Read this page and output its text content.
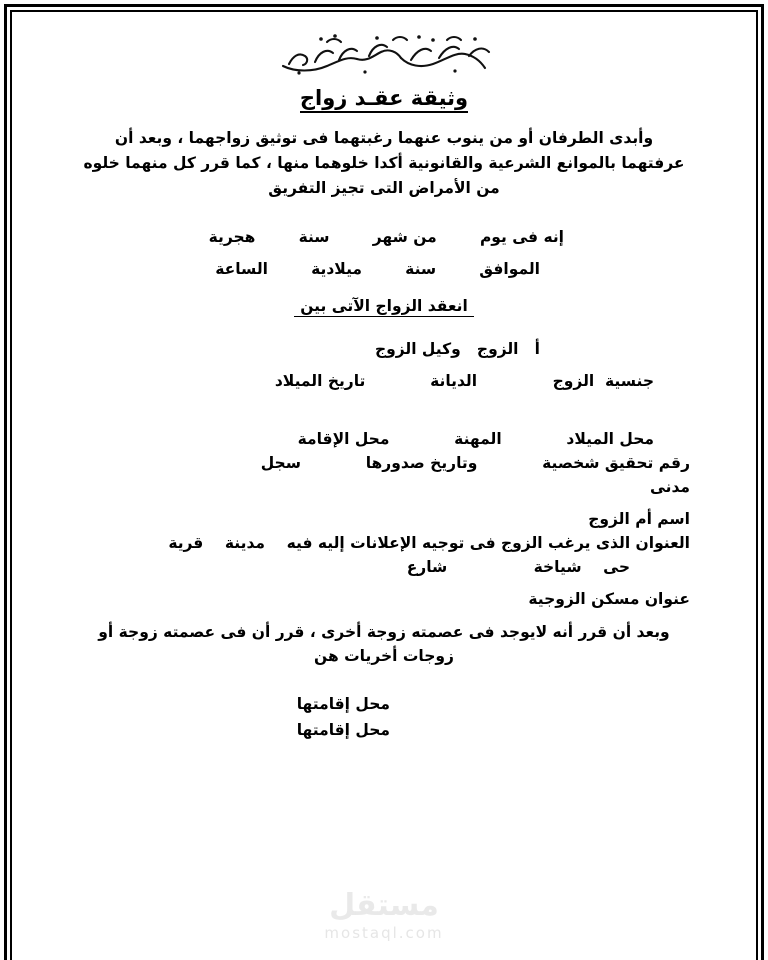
وثيقة عقـد زواج
وأبدى الطرفان أو من ينوب عنهما رغبتهما فى توثيق زواجهما ، وبعد أن عرفتهما بالموانع الشرعية والقانونية أكدا خلوهما منها ، كما قرر كل منهما خلوه من الأمراض التى تجيز التفريق
إنه فى يوم        من شهر        سنة        هجرية
الموافق        سنة        ميلادية        الساعة
انعقد الزواج الآتى بين
أ   الزوج   وكيل الزوج
جنسية  الزوج              الديانة            تاريخ الميلاد
محل الميلاد            المهنة            محل الإقامة
رقم تحقيق شخصية            وتاريخ صدورها            سجل
مدنى
اسم أم الزوج
العنوان الذى يرغب الزوج فى توجيه الإعلانات إليه فيه    مدينة    قرية
حى    شياخة                شارع
عنوان مسكن الزوجية
وبعد أن قرر أنه لايوجد فى عصمته زوجة أخرى ، قرر أن فى عصمته زوجة أو زوجات أخريات هن
محل إقامتها
محل إقامتها
مستقل
mostaql.com
